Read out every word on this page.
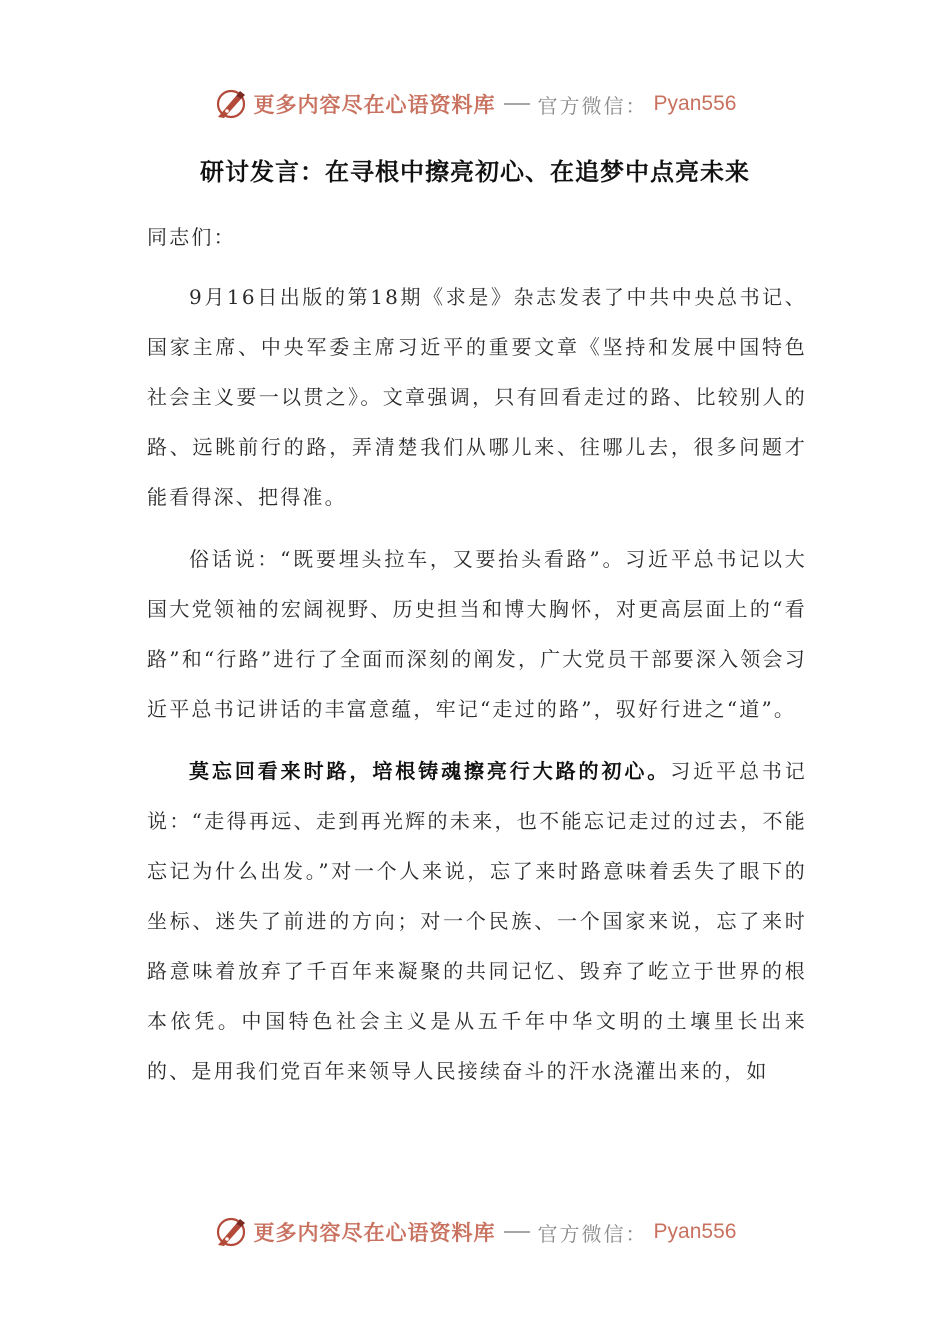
更多内容尽在心语资料库 官方微信： Pyan556
研讨发言：在寻根中擦亮初心、在追梦中点亮未来

同志们：

9月16日出版的第18期《求是》杂志发表了中共中央总书记、国家主席、中央军委主席习近平的重要文章《坚持和发展中国特色社会主义要一以贯之》。文章强调，只有回看走过的路、比较别人的路、远眺前行的路，弄清楚我们从哪儿来、往哪儿去，很多问题才能看得深、把得准。

俗话说：“既要埋头拉车，又要抬头看路”。习近平总书记以大国大党领袖的宏阔视野、历史担当和博大胸怀，对更高层面上的“看路”和“行路”进行了全面而深刻的阐发，广大党员干部要深入领会习近平总书记讲话的丰富意蕴，牢记“走过的路”，驭好行进之“道”。

莫忘回看来时路，培根铸魂擦亮行大路的初心。习近平总书记说：“走得再远、走到再光辉的未来，也不能忘记走过的过去，不能忘记为什么出发。”对一个人来说，忘了来时路意味着丢失了眼下的坐标、迷失了前进的方向；对一个民族、一个国家来说，忘了来时路意味着放弃了千百年来凝聚的共同记忆、毁弃了屹立于世界的根本依凭。中国特色社会主义是从五千年中华文明的土壤里长出来的、是用我们党百年来领导人民接续奋斗的汗水浇灌出来的，如

更多内容尽在心语资料库 官方微信： Pyan556
